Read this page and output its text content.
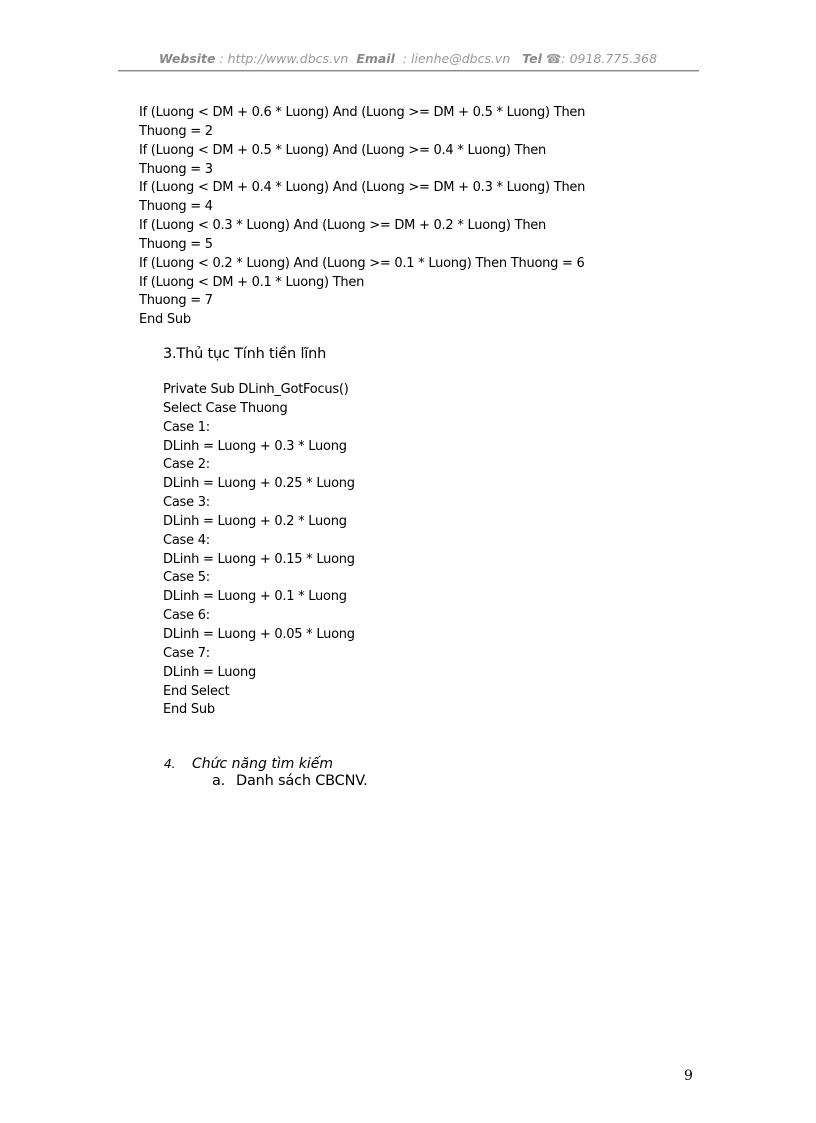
Website : http://www.dbcs.vn Email : lienhe@dbcs.vn Tel ☎: 0918.775.368
If (Luong < DM + 0.6 * Luong) And (Luong >= DM + 0.5 * Luong) Then
Thuong = 2
If (Luong < DM + 0.5 * Luong) And (Luong >= 0.4 * Luong) Then
Thuong = 3
If (Luong < DM + 0.4 * Luong) And (Luong >= DM + 0.3 * Luong) Then
Thuong = 4
If (Luong < 0.3 * Luong) And (Luong >= DM + 0.2 * Luong) Then
Thuong = 5
If (Luong < 0.2 * Luong) And (Luong >= 0.1 * Luong) Then Thuong = 6
If (Luong < DM + 0.1 * Luong) Then
Thuong = 7
End Sub
3.Thủ tục Tính tiền lĩnh
Private Sub DLinh_GotFocus()
Select Case Thuong
Case 1:
DLinh = Luong + 0.3 * Luong
Case 2:
DLinh = Luong + 0.25 * Luong
Case 3:
DLinh = Luong + 0.2 * Luong
Case 4:
DLinh = Luong + 0.15 * Luong
Case 5:
DLinh = Luong + 0.1 * Luong
Case 6:
DLinh = Luong + 0.05 * Luong
Case 7:
DLinh = Luong
End Select
End Sub
4. Chức năng tìm kiếm
a. Danh sách CBCNV.
9
